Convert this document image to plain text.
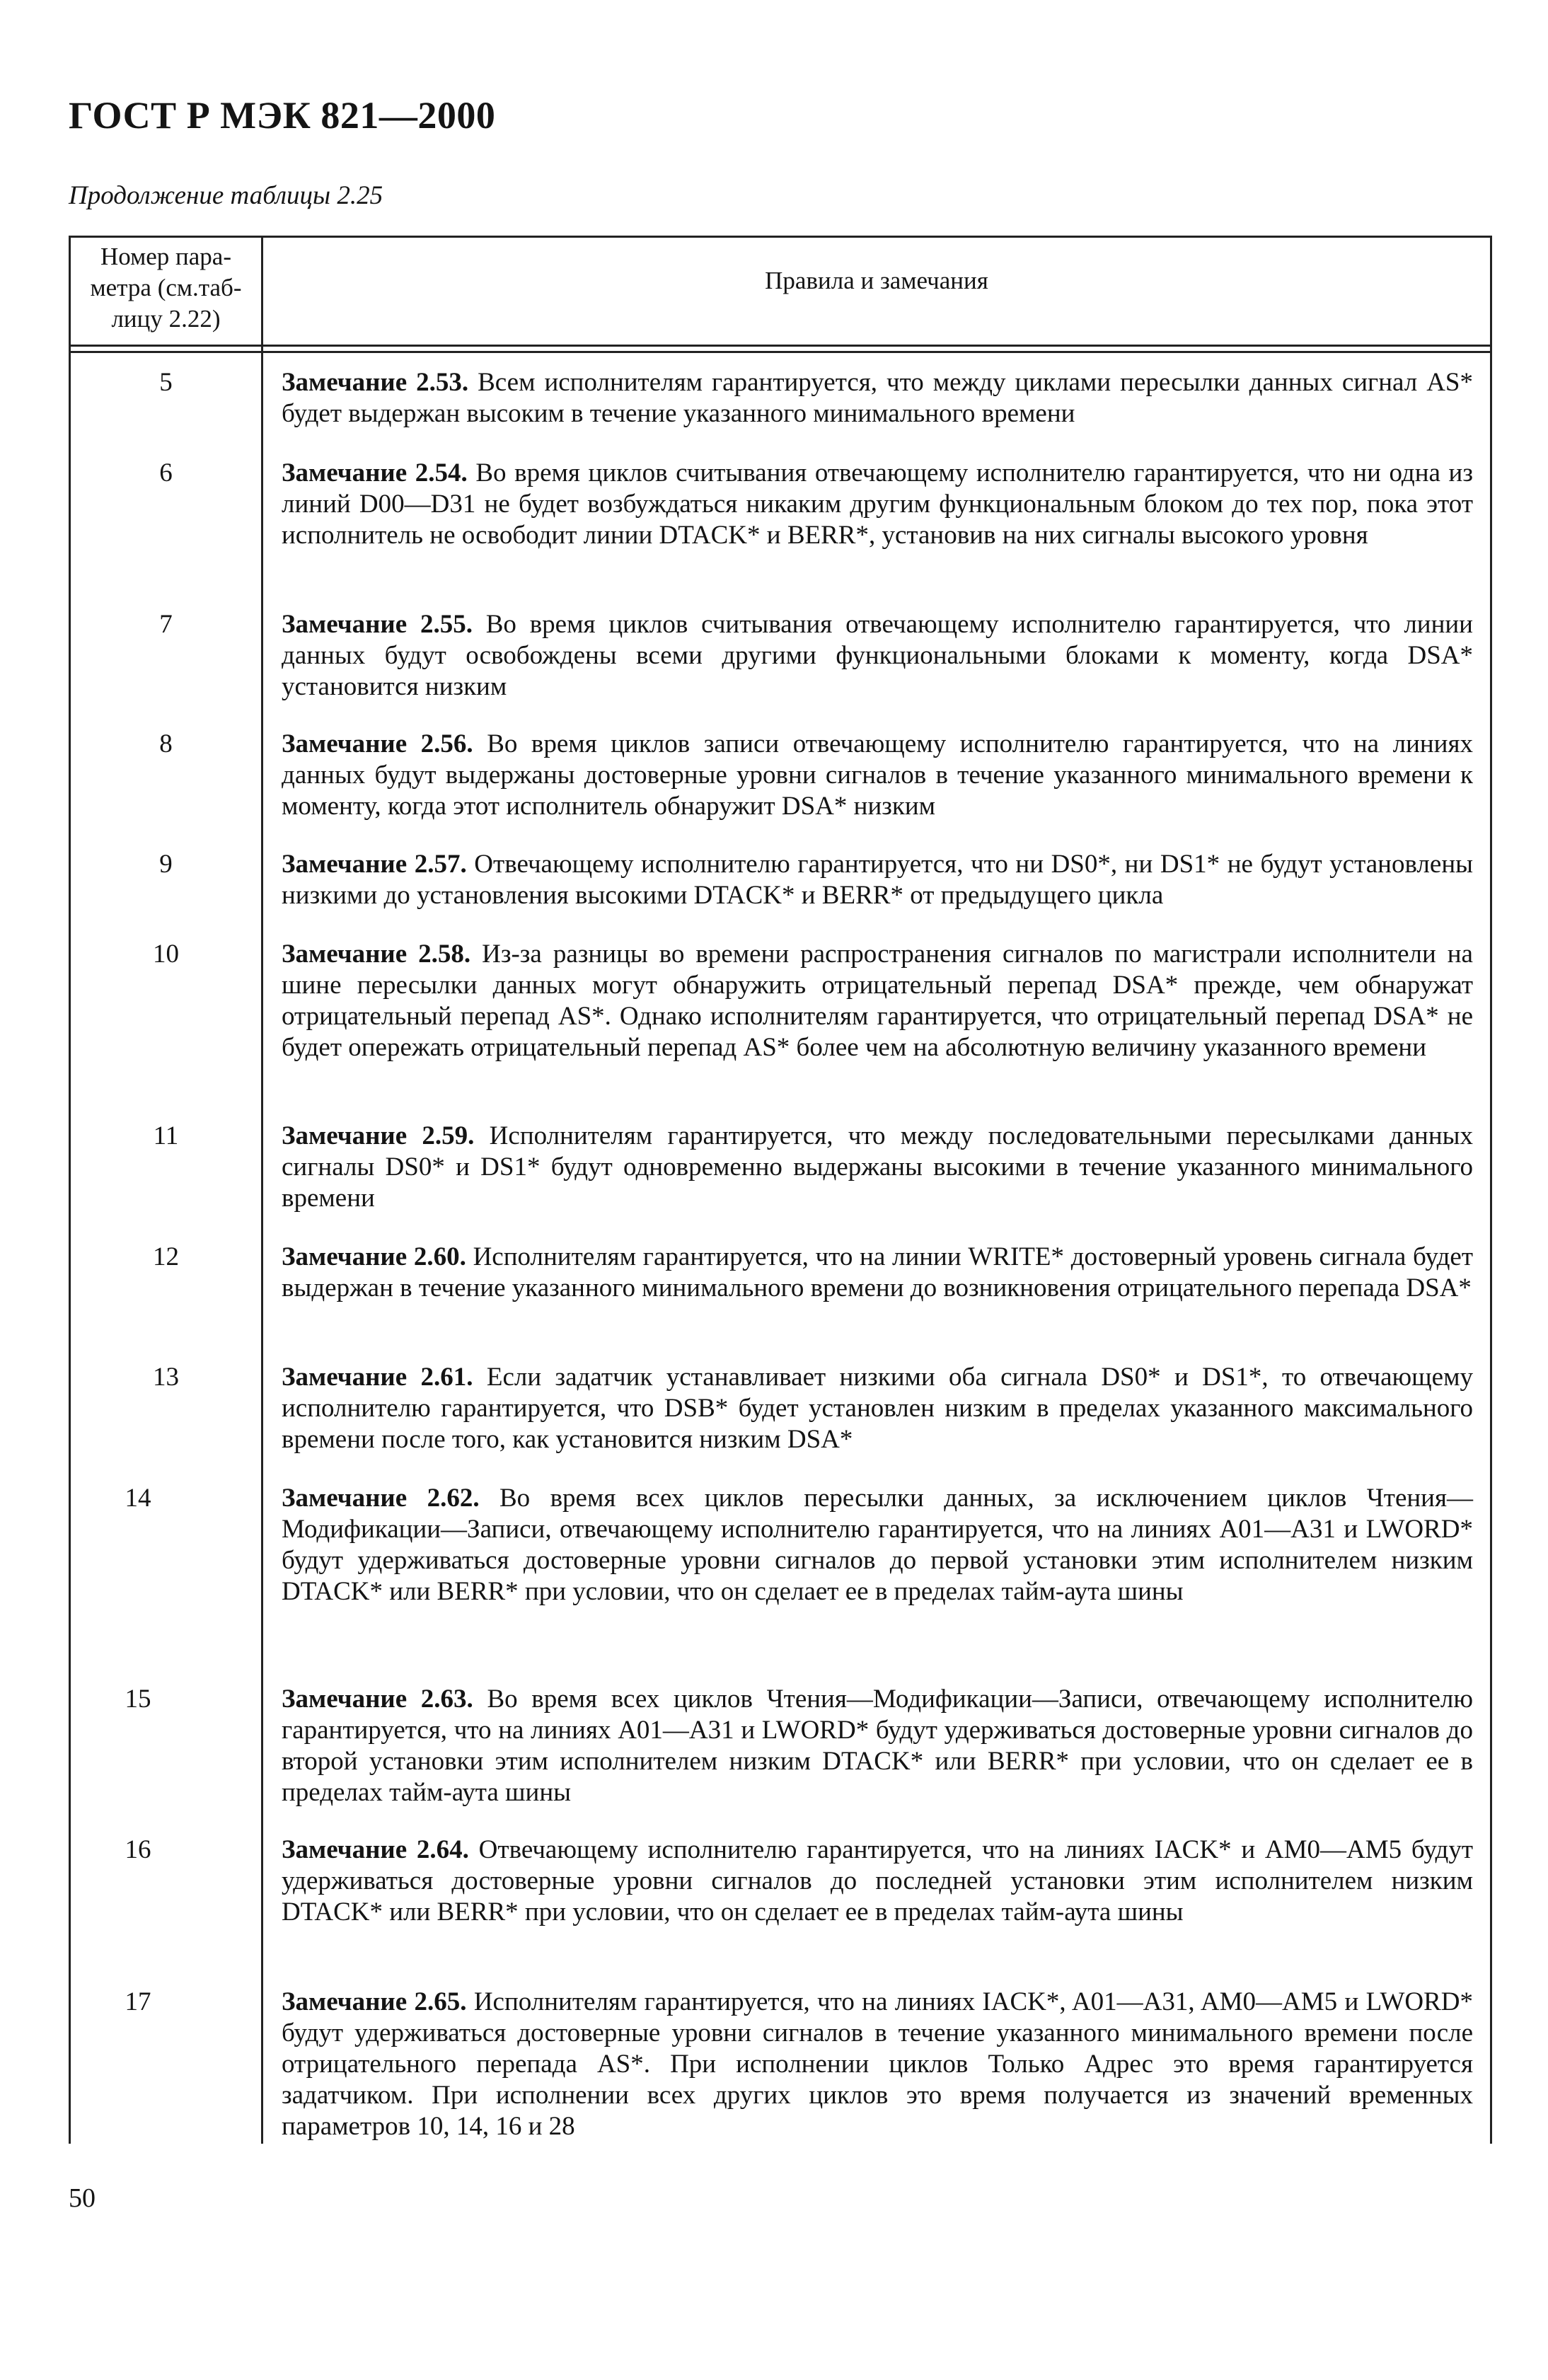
ГОСТ Р МЭК 821—2000
Продолжение таблицы 2.25
Номер пара-
метра (см.таб-
лицу 2.22)
Правила и замечания
5	Замечание 2.53. Всем исполнителям гарантируется, что между циклами пересылки данных сигнал AS* будет выдержан высоким в течение указанного минимального времени
6	Замечание 2.54. Во время циклов считывания отвечающему исполнителю гарантируется, что ни одна из линий D00—D31 не будет возбуждаться никаким другим функциональным блоком до тех пор, пока этот исполнитель не освободит линии DTACK* и BERR*, установив на них сигналы высокого уровня
7	Замечание 2.55. Во время циклов считывания отвечающему исполнителю гарантируется, что линии данных будут освобождены всеми другими функциональными блоками к моменту, когда DSA* установится низким
8	Замечание 2.56. Во время циклов записи отвечающему исполнителю гарантируется, что на линиях данных будут выдержаны достоверные уровни сигналов в течение указанного минимального времени к моменту, когда этот исполнитель обнаружит DSA* низким
9	Замечание 2.57. Отвечающему исполнителю гарантируется, что ни DS0*, ни DS1* не будут установлены низкими до установления высокими DTACK* и BERR* от предыдущего цикла
10	Замечание 2.58. Из-за разницы во времени распространения сигналов по магистрали исполнители на шине пересылки данных могут обнаружить отрицательный перепад DSA* прежде, чем обнаружат отрицательный перепад AS*. Однако исполнителям гарантируется, что отрицательный перепад DSA* не будет опережать отрицательный перепад AS* более чем на абсолютную величину указанного времени
11	Замечание 2.59. Исполнителям гарантируется, что между последовательными пересылками данных сигналы DS0* и DS1* будут одновременно выдержаны высокими в течение указанного минимального времени
12	Замечание 2.60. Исполнителям гарантируется, что на линии WRITE* достоверный уровень сигнала будет выдержан в течение указанного минимального времени до возникновения отрицательного перепада DSA*
13	Замечание 2.61. Если задатчик устанавливает низкими оба сигнала DS0* и DS1*, то отвечающему исполнителю гарантируется, что DSB* будет установлен низким в пределах указанного максимального времени после того, как установится низким DSA*
14	Замечание 2.62. Во время всех циклов пересылки данных, за исключением циклов Чтения—Модификации—Записи, отвечающему исполнителю гарантируется, что на линиях A01—A31 и LWORD* будут удерживаться достоверные уровни сигналов до первой установки этим исполнителем низким DTACK* или BERR* при условии, что он сделает ее в пределах тайм-аута шины
15	Замечание 2.63. Во время всех циклов Чтения—Модификации—Записи, отвечающему исполнителю гарантируется, что на линиях A01—A31 и LWORD* будут удерживаться достоверные уровни сигналов до второй установки этим исполнителем низким DTACK* или BERR* при условии, что он сделает ее в пределах тайм-аута шины
16	Замечание 2.64. Отвечающему исполнителю гарантируется, что на линиях IACK* и AM0—AM5 будут удерживаться достоверные уровни сигналов до последней установки этим исполнителем низким DTACK* или BERR* при условии, что он сделает ее в пределах тайм-аута шины
17	Замечание 2.65. Исполнителям гарантируется, что на линиях IACK*, A01—A31, AM0—AM5 и LWORD* будут удерживаться достоверные уровни сигналов в течение указанного минимального времени после отрицательного перепада AS*. При исполнении циклов Только Адрес это время гарантируется задатчиком. При исполнении всех других циклов это время получается из значений временных параметров 10, 14, 16 и 28
50
